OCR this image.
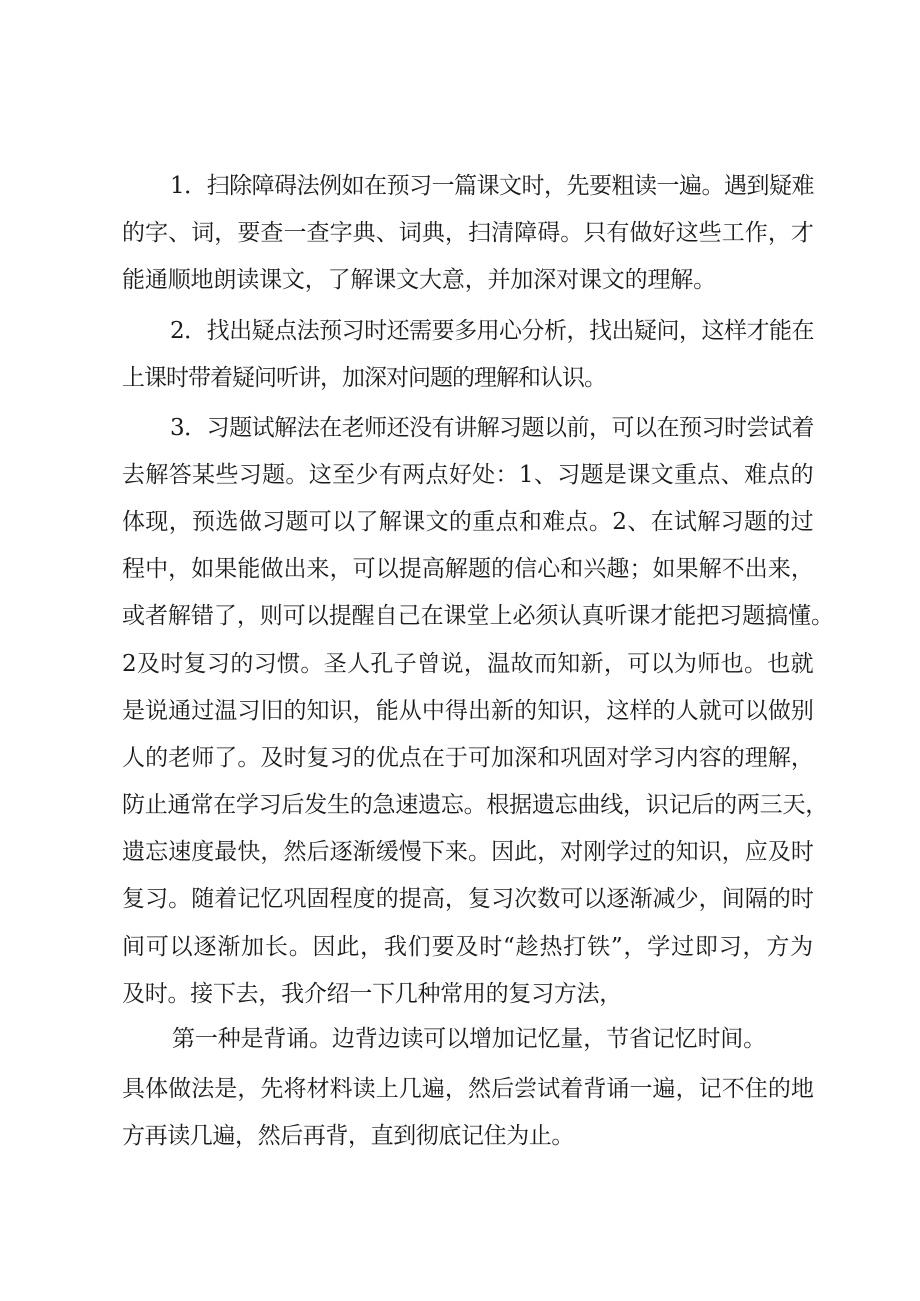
1．扫除障碍法例如在预习一篇课文时，先要粗读一遍。遇到疑难
的字、词，要查一查字典、词典，扫清障碍。只有做好这些工作，才
能通顺地朗读课文，了解课文大意，并加深对课文的理解。
2．找出疑点法预习时还需要多用心分析，找出疑问，这样才能在
上课时带着疑问听讲，加深对问题的理解和认识。
3．习题试解法在老师还没有讲解习题以前，可以在预习时尝试着
去解答某些习题。这至少有两点好处：1、习题是课文重点、难点的
体现，预选做习题可以了解课文的重点和难点。2、在试解习题的过
程中，如果能做出来，可以提高解题的信心和兴趣；如果解不出来，
或者解错了，则可以提醒自己在课堂上必须认真听课才能把习题搞懂。
2及时复习的习惯。圣人孔子曾说，温故而知新，可以为师也。也就
是说通过温习旧的知识，能从中得出新的知识，这样的人就可以做别
人的老师了。及时复习的优点在于可加深和巩固对学习内容的理解，
防止通常在学习后发生的急速遗忘。根据遗忘曲线，识记后的两三天，
遗忘速度最快，然后逐渐缓慢下来。因此，对刚学过的知识，应及时
复习。随着记忆巩固程度的提高，复习次数可以逐渐减少，间隔的时
间可以逐渐加长。因此，我们要及时“趁热打铁”，学过即习，方为
及时。接下去，我介绍一下几种常用的复习方法，
第一种是背诵。边背边读可以增加记忆量，节省记忆时间。
具体做法是，先将材料读上几遍，然后尝试着背诵一遍，记不住的地
方再读几遍，然后再背，直到彻底记住为止。
